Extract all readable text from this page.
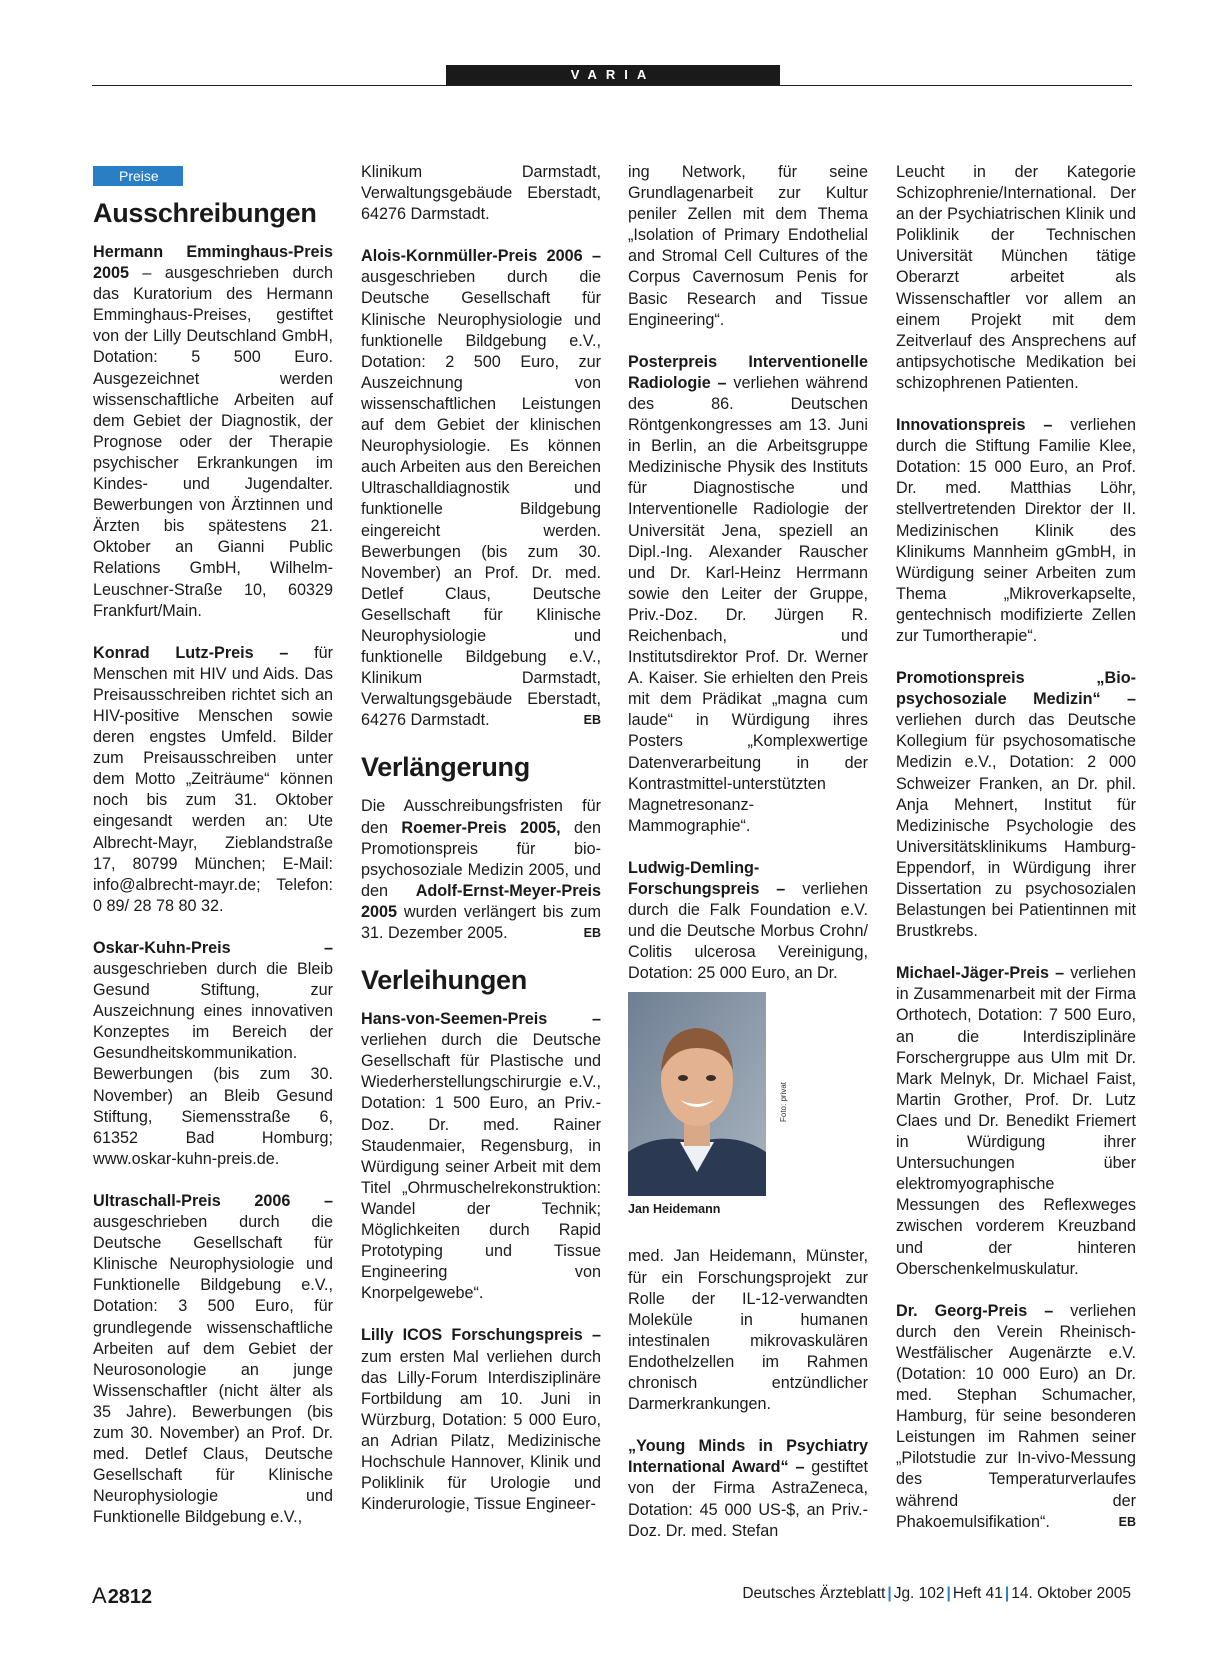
VARIA
Preise
Ausschreibungen

Hermann Emminghaus-Preis 2005 – ausgeschrieben durch das Kuratorium des Hermann Emminghaus-Preises, gestiftet von der Lilly Deutschland GmbH, Dotation: 5 500 Euro. Ausgezeichnet werden wissenschaftliche Arbeiten auf dem Gebiet der Diagnostik, der Prognose oder der Therapie psychischer Erkrankungen im Kindes- und Jugendalter. Bewerbungen von Ärztinnen und Ärzten bis spätestens 21. Oktober an Gianni Public Relations GmbH, Wilhelm-Leuschner-Straße 10, 60329 Frankfurt/Main.

Konrad Lutz-Preis – für Menschen mit HIV und Aids. Das Preisausschreiben richtet sich an HIV-positive Menschen sowie deren engstes Umfeld. Bilder zum Preisausschreiben unter dem Motto „Zeiträume“ können noch bis zum 31. Oktober eingesandt werden an: Ute Albrecht-Mayr, Zieblandstraße 17, 80799 München; E-Mail: info@albrecht-mayr.de; Telefon: 0 89/ 28 78 80 32.

Oskar-Kuhn-Preis – ausgeschrieben durch die Bleib Gesund Stiftung, zur Auszeichnung eines innovativen Konzeptes im Bereich der Gesundheitskommunikation. Bewerbungen (bis zum 30. November) an Bleib Gesund Stiftung, Siemensstraße 6, 61352 Bad Homburg; www.oskar-kuhn-preis.de.

Ultraschall-Preis 2006 – ausgeschrieben durch die Deutsche Gesellschaft für Klinische Neurophysiologie und Funktionelle Bildgebung e.V., Dotation: 3 500 Euro, für grundlegende wissenschaftliche Arbeiten auf dem Gebiet der Neurosonologie an junge Wissenschaftler (nicht älter als 35 Jahre). Bewerbungen (bis zum 30. November) an Prof. Dr. med. Detlef Claus, Deutsche Gesellschaft für Klinische Neurophysiologie und Funktionelle Bildgebung e.V.,

Klinikum Darmstadt, Verwaltungsgebäude Eberstadt, 64276 Darmstadt.

Alois-Kornmüller-Preis 2006 – ausgeschrieben durch die Deutsche Gesellschaft für Klinische Neurophysiologie und funktionelle Bildgebung e.V., Dotation: 2 500 Euro, zur Auszeichnung von wissenschaftlichen Leistungen auf dem Gebiet der klinischen Neurophysiologie. Es können auch Arbeiten aus den Bereichen Ultraschalldiagnostik und funktionelle Bildgebung eingereicht werden. Bewerbungen (bis zum 30. November) an Prof. Dr. med. Detlef Claus, Deutsche Gesellschaft für Klinische Neurophysiologie und funktionelle Bildgebung e.V., Klinikum Darmstadt, Verwaltungsgebäude Eberstadt, 64276 Darmstadt.	EB

Verlängerung

Die Ausschreibungsfristen für den Roemer-Preis 2005, den Promotionspreis für bio-psychosoziale Medizin 2005, und den Adolf-Ernst-Meyer-Preis 2005 wurden verlängert bis zum 31. Dezember 2005.	EB

Verleihungen

Hans-von-Seemen-Preis – verliehen durch die Deutsche Gesellschaft für Plastische und Wiederherstellungschirurgie e.V., Dotation: 1 500 Euro, an Priv.-Doz. Dr. med. Rainer Staudenmaier, Regensburg, in Würdigung seiner Arbeit mit dem Titel „Ohrmuschelrekonstruktion: Wandel der Technik; Möglichkeiten durch Rapid Prototyping und Tissue Engineering von Knorpelgewebe“.

Lilly ICOS Forschungspreis – zum ersten Mal verliehen durch das Lilly-Forum Interdisziplinäre Fortbildung am 10. Juni in Würzburg, Dotation: 5 000 Euro, an Adrian Pilatz, Medizinische Hochschule Hannover, Klinik und Poliklinik für Urologie und Kinderurologie, Tissue Engineer-

ing Network, für seine Grundlagenarbeit zur Kultur peniler Zellen mit dem Thema „Isolation of Primary Endothelial and Stromal Cell Cultures of the Corpus Cavernosum Penis for Basic Research and Tissue Engineering“.

Posterpreis Interventionelle Radiologie – verliehen während des 86. Deutschen Röntgenkongresses am 13. Juni in Berlin, an die Arbeitsgruppe Medizinische Physik des Instituts für Diagnostische und Interventionelle Radiologie der Universität Jena, speziell an Dipl.-Ing. Alexander Rauscher und Dr. Karl-Heinz Herrmann sowie den Leiter der Gruppe, Priv.-Doz. Dr. Jürgen R. Reichenbach, und Institutsdirektor Prof. Dr. Werner A. Kaiser. Sie erhielten den Preis mit dem Prädikat „magna cum laude“ in Würdigung ihres Posters „Komplexwertige Datenverarbeitung in der Kontrastmittel-unterstützten Magnetresonanz-Mammographie“.

Ludwig-Demling-Forschungspreis – verliehen durch die Falk Foundation e.V. und die Deutsche Morbus Crohn/ Colitis ulcerosa Vereinigung, Dotation: 25 000 Euro, an Dr.

Foto: privat
Jan Heidemann

med. Jan Heidemann, Münster, für ein Forschungsprojekt zur Rolle der IL-12-verwandten Moleküle in humanen intestinalen mikrovaskulären Endothelzellen im Rahmen chronisch entzündlicher Darmerkrankungen.

„Young Minds in Psychiatry International Award“ – gestiftet von der Firma AstraZeneca, Dotation: 45 000 US-$, an Priv.-Doz. Dr. med. Stefan

Leucht in der Kategorie Schizophrenie/International. Der an der Psychiatrischen Klinik und Poliklinik der Technischen Universität München tätige Oberarzt arbeitet als Wissenschaftler vor allem an einem Projekt mit dem Zeitverlauf des Ansprechens auf antipsychotische Medikation bei schizophrenen Patienten.

Innovationspreis – verliehen durch die Stiftung Familie Klee, Dotation: 15 000 Euro, an Prof. Dr. med. Matthias Löhr, stellvertretenden Direktor der II. Medizinischen Klinik des Klinikums Mannheim gGmbH, in Würdigung seiner Arbeiten zum Thema „Mikroverkapselte, gentechnisch modifizierte Zellen zur Tumortherapie“.

Promotionspreis „Bio-psychosoziale Medizin“ – verliehen durch das Deutsche Kollegium für psychosomatische Medizin e.V., Dotation: 2 000 Schweizer Franken, an Dr. phil. Anja Mehnert, Institut für Medizinische Psychologie des Universitätsklinikums Hamburg-Eppendorf, in Würdigung ihrer Dissertation zu psychosozialen Belastungen bei Patientinnen mit Brustkrebs.

Michael-Jäger-Preis – verliehen in Zusammenarbeit mit der Firma Orthotech, Dotation: 7 500 Euro, an die Interdisziplinäre Forschergruppe aus Ulm mit Dr. Mark Melnyk, Dr. Michael Faist, Martin Grother, Prof. Dr. Lutz Claes und Dr. Benedikt Friemert in Würdigung ihrer Untersuchungen über elektromyographische Messungen des Reflexweges zwischen vorderem Kreuzband und der hinteren Oberschenkelmuskulatur.

Dr. Georg-Preis – verliehen durch den Verein Rheinisch-Westfälischer Augenärzte e.V. (Dotation: 10 000 Euro) an Dr. med. Stephan Schumacher, Hamburg, für seine besonderen Leistungen im Rahmen seiner „Pilotstudie zur In-vivo-Messung des Temperaturverlaufes während der Phakoemulsifikation“.	EB

A2812	Deutsches Ärzteblatt | Jg. 102 | Heft 41 | 14. Oktober 2005
